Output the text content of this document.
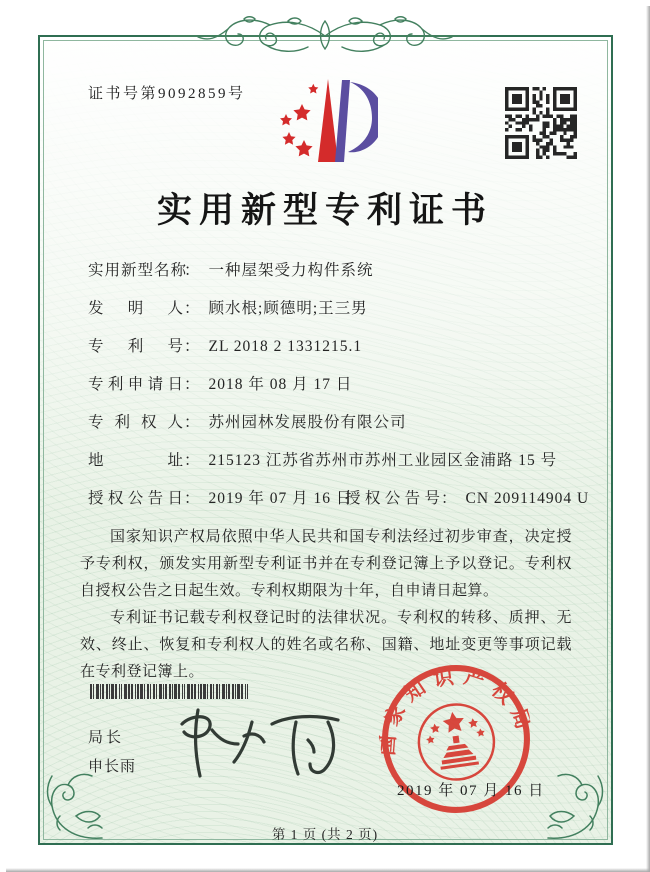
证书号第9092859号
实用新型专利证书
实用新型名称： 一种屋架受力构件系统
发明人： 顾水根;顾德明;王三男
专利号： ZL 2018 2 1331215.1
专利申请日： 2018 年 08 月 17 日
专利权人： 苏州园林发展股份有限公司
地址： 215123 江苏省苏州市苏州工业园区金浦路 15 号
授权公告日： 2019 年 07 月 16 日
授权公告号： CN 209114904 U

国家知识产权局依照中华人民共和国专利法经过初步审查，决定授予专利权，颁发实用新型专利证书并在专利登记簿上予以登记。专利权自授权公告之日起生效。专利权期限为十年，自申请日起算。

专利证书记载专利权登记时的法律状况。专利权的转移、质押、无效、终止、恢复和专利权人的姓名或名称、国籍、地址变更等事项记载在专利登记簿上。

局长
申长雨
国家知识产权局
2019 年 07 月 16 日
第 1 页 (共 2 页)
